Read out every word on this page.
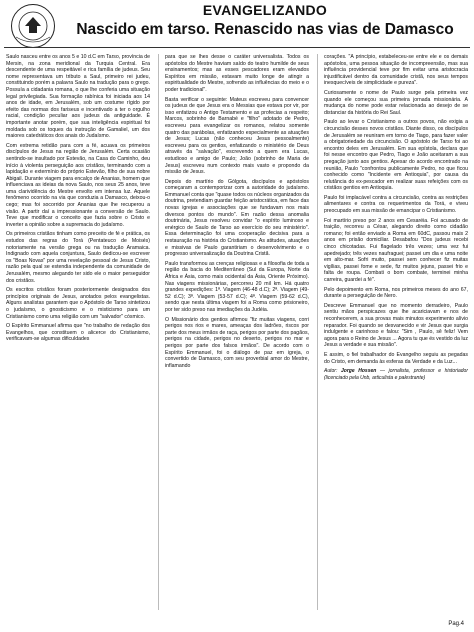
EVANGELIZANDO

Nascido em tarso. Renascido nas vias de Damasco

Saulo nasceu entre os anos 5 e 10 d.C em Tarso, província de Mersin, na zona meridional da Turquia Central. Era descendente de uma respeitável e rica família de judeus. Seu nome representava um tributo a Saul, primeiro rei judeu, constituindo porém a palavra Saulo na tradução para o grego. Possuía a cidadania romana, o que lhe conferia uma situação legal privilegiada. Sua formação rabínica foi iniciada aos 14 anos de idade, em Jerusalém, sob um costume rígido por efeito das normas dos fariseus e incentivado a ter o orgulho racial, condição peculiar aos judeus da antiguidade. É importante anotar porém, que sua inteligência espiritual foi moldada sob os toques da instrução de Gamaliel, um dos maiores catedráticos dos anais do Judaísmo.

Com extrema retidão para com a fé, acuava os primeiros discípulos de Jesus na região de Jerusalém. Certa ocasião sentindo-se insultado por Estevão, na Casa do Caminho, deu início à violenta perseguição aos cristãos, terminando com a lapidação e extermínio do próprio Estevão, filho de sua nobre Abigail. Durante viagem para encalço de Ananias, homem que influenciava as ideias da nova Saulo, nos seus 25 anos, teve uma clarividência do Mestre envolto em intensa luz. Aquele fenômeno ocorrido na via que conduzia a Damasco, deixou-o cego; mas foi socorrido por Ananias que lhe recuperou a visão. A partir daí a impressionante a conversão de Saulo. Teve que modificar o conceito que fazia sobre o Cristo e inverter a opinião sobre a supremacia do judaísmo.

Os primeiros cristãos tinham como preceito de fé e prática, os estudos das regras do Torá (Pentateuco de Moisés) notoriamente na versão grega ou na tradução Aramaica. Indignado com aquela conjuntura, Saulo dedicou-se escrever os "Boas Novas" por uma revelação pessoal de Jesus Cristo, razão pela qual se estendia independente da comunidade de Jerusalém, mesmo alegando ter sido ele o maior perseguidor dos cristãos.

Os escritos cristãos foram posteriormente designados dos princípios originais de Jesus, anotados pelos evangelistas. Alguns analistas garantem que o Apóstolo de Tarso sintetizou o judaísmo, o gnosticismo e o misticismo para um Cristianismo como uma religião com um "salvador" cósmico.

O Espírito Emmanuel afirma que "no trabalho de redação dos Evangelhos, que constituem o alicerce do Cristianismo, verificavam-se algumas dificuldades

para que se lhes desse o caráter universalista. Todos os apóstolos do Mestre haviam saído do teatro humilde de seus ensinamentos; mas as esses pescadores eram elevados Espíritos em missão, estavam muito longe de atingir a espiritualidade do Mestre, sofrendo as influências do meio e o poder tradicional".

Basta verificar o seguinte: Mateus escreveu para convencer os judeus de que Jesus era o Messias que estava por vir, por isso enfatizou o Antigo Testamento e as profecias a respeito; Marcos, sobrinho de Barnabé e "filho" adotado de Pedro, escreveu para evangelizar os romanos, relatou somente quatro das parábolas, enfatizando especialmente as atuações de Jesus; Lucas (não conheceu Jesus pessoalmente) escreveu para os gentios, enfatizando o ministério de Deus através da "salvação", escrevendo a quem era Lucas, estudioso e amigo de Paulo; João (sobrinho de Maria de Jesus) escreveu num contexto mais vasto e propondo da missão de Jesus.

Depois do martírio do Gólgota, discípulos e apóstolos começaram a contemporizar com a autoridade do judaísmo. Emmanuel conta que "quase todos os núcleos organizados da doutrina, pretendiam guardar feição aristocrática, em face das novas igrejas e associações que se fundavam nos mais diversos pontos do mundo". Em razão dessa anomalia doutrinária, Jesus resolveu convidar "o espírito luminoso e enérgico de Saulo de Tarso ao exercício do seu ministério". Essa determinação foi uma cooperação decisiva para a restauração na história do Cristianismo. As atitudes, atuações e missivas de Paulo garantiriam o desenvolvimento e o progresso universalização da Doutrina Cristã.

Paulo transformou as crenças religiosas e a filosofia de toda a região da bacia do Mediterrâneo (Sul da Europa, Norte da África e Ásia, como mais ocidental da Ásia, Oriente Próximo). Nas viagens missionárias, percorreu 20 mil km. Há quatro grandes expedições: 1ª. Viagem (46-48 d.C); 2ª. Viagem (49-52 d.C); 3ª. Viagem (53-57 d.C); 4ª. Viagem (59-62 d.C), sendo que nesta última viagem foi a Roma como prisioneiro, por ter sido preso nas imediações da Judéia.

O Missionário dos gentios afirmou "fiz muitas viagens, corri perigos nos rios e mares, ameaças dos ladrões, riscos por parte dos meus irmãos de raça, perigos por parte dos pagãos, perigos na cidade, perigos no deserto, perigos no mar e perigos por parte dos falsos irmãos". De acordo com o Espírito Emmanuel, foi o diálogo de paz em igreja, o convertido de Damasco, com seu proverbial amor do Mestre, inflamando

corações. "A princípio, estabeleceu-se entre ele e os demais apóstolos, uma pessoa situação de incompreensão, mas sua influência providencial teve por fim evitar uma aristocracia injustificável dentro da comunidade cristã, nos seus tempos inesquecíveis de simplicidade e pureza".

Curiosamente o nome de Paulo surge pela primeira vez quando ele começou sua primeira jornada missionária. A mudança do nome pode estar relacionada ao desejo de se distanciar da história do Rei Saul.

Paulo ao levar o Cristianismo a outros povos, não exigia a circuncisão desses novos cristãos. Diante disso, os discípulos de Jerusalém se reuniram em torno de Tiago, para fazer valer a obrigatoriedade da circuncisão. O apóstolo de Tarso foi ao encontro deles em Jerusalém. Em sua epístola, declara que foi nesse encontro que Pedro, Tiago e João aceitaram a sua pregação junto aos gentios. Apesar do acordo encontrado na reunião, Paulo "confrontou publicamente Pedro, no que ficou conhecido como "Incidente em Antioquia", por causa da relutância do ex-pescador em realizar suas refeições com os cristãos gentios em Antioquia.

Paulo foi implacável contra a circuncisão, contra as restrições alimentares e contra os requerimentos da Torá, e viveu preocupado em sua missão de emancipar o Cristianismo.

Foi martírio preso por 2 anos em Cesaréia. Foi acusado de traição, recorreu a César, alegando direito como cidadão romano; foi então enviado a Roma em 60dC, passou mais 2 anos em prisão domiciliar. Desabafou "Dos judeus recebi cinco chicotadas. Fui flagelado três vezes; uma vez fui apedrejado; três vezes naufraguei; passei um dia e uma noite em alto-mar. Sofri muito, passei sem conhecer fiz muitas vigílias, passei fome e sede, fiz muitos jejuns, passei frio e falta de roupa. Combati o bom combate, terminei minha carreira, guardei a fé".

Pelo depoimento em Roma, nos primeiros meses do ano 67, durante a perseguição de Nero.

Descreve Emmanuel que no momento derradeiro, Paulo sentiu mãos perspicazes que lhe acariciavam e nos de reconhecerem, a sua provas mais minutos experimento alívio reparador. Foi quando se desvanecido e vir Jesus que surgia indulgente e carinhoso e falou: "Sim , Paulo, sê feliz! Vem agora para o Reino de Jesus ... Agora tu que és vestido da luz Jesus a verdade e sua missão".

E assim, o fiel trabalhador do Evangelho seguiu as pegadas do Cristo, em demanda às esferas da Verdade e da Luz...

Autor: Jorge Hossen — jornalista, professor e historiador (licenciado pela Unb, articulista e palestrante)

Pag.4
